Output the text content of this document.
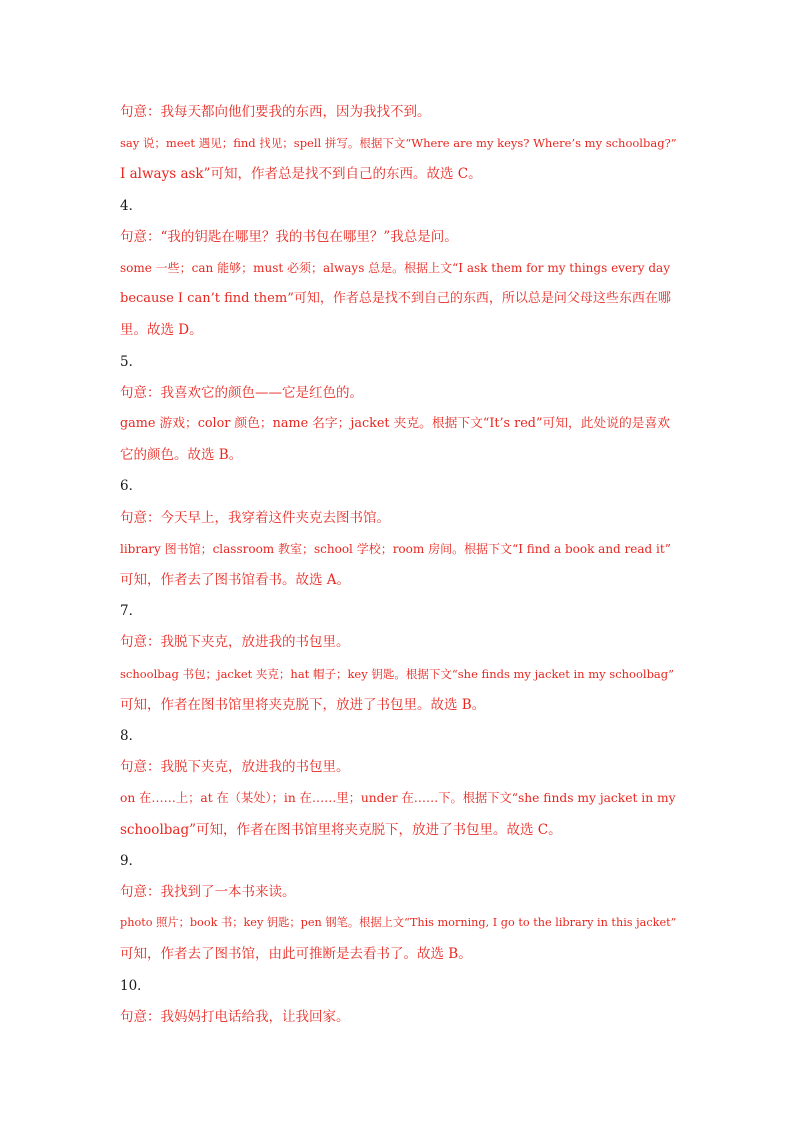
句意：我每天都向他们要我的东西，因为我找不到。
say 说；meet 遇见；find 找见；spell 拼写。根据下文“Where are my keys? Where’s my schoolbag?”
I always ask”可知，作者总是找不到自己的东西。故选 C。
4．
句意：“我的钥匙在哪里？我的书包在哪里？”我总是问。
some 一些；can 能够；must 必须；always 总是。根据上文“I ask them for my things every day
because I can’t find them”可知，作者总是找不到自己的东西，所以总是问父母这些东西在哪
里。故选 D。
5．
句意：我喜欢它的颜色——它是红色的。
game 游戏；color 颜色；name 名字；jacket 夹克。根据下文“It’s red”可知，此处说的是喜欢
它的颜色。故选 B。
6．
句意：今天早上，我穿着这件夹克去图书馆。
library 图书馆；classroom 教室；school 学校；room 房间。根据下文“I find a book and read it”
可知，作者去了图书馆看书。故选 A。
7．
句意：我脱下夹克，放进我的书包里。
schoolbag 书包；jacket 夹克；hat 帽子；key 钥匙。根据下文“she finds my jacket in my schoolbag”
可知，作者在图书馆里将夹克脱下，放进了书包里。故选 B。
8．
句意：我脱下夹克，放进我的书包里。
on 在……上；at 在（某处）；in 在……里；under 在……下。根据下文“she finds my jacket in my
schoolbag”可知，作者在图书馆里将夹克脱下，放进了书包里。故选 C。
9．
句意：我找到了一本书来读。
photo 照片；book 书；key 钥匙；pen 钢笔。根据上文“This morning, I go to the library in this jacket”
可知，作者去了图书馆，由此可推断是去看书了。故选 B。
10．
句意：我妈妈打电话给我，让我回家。
